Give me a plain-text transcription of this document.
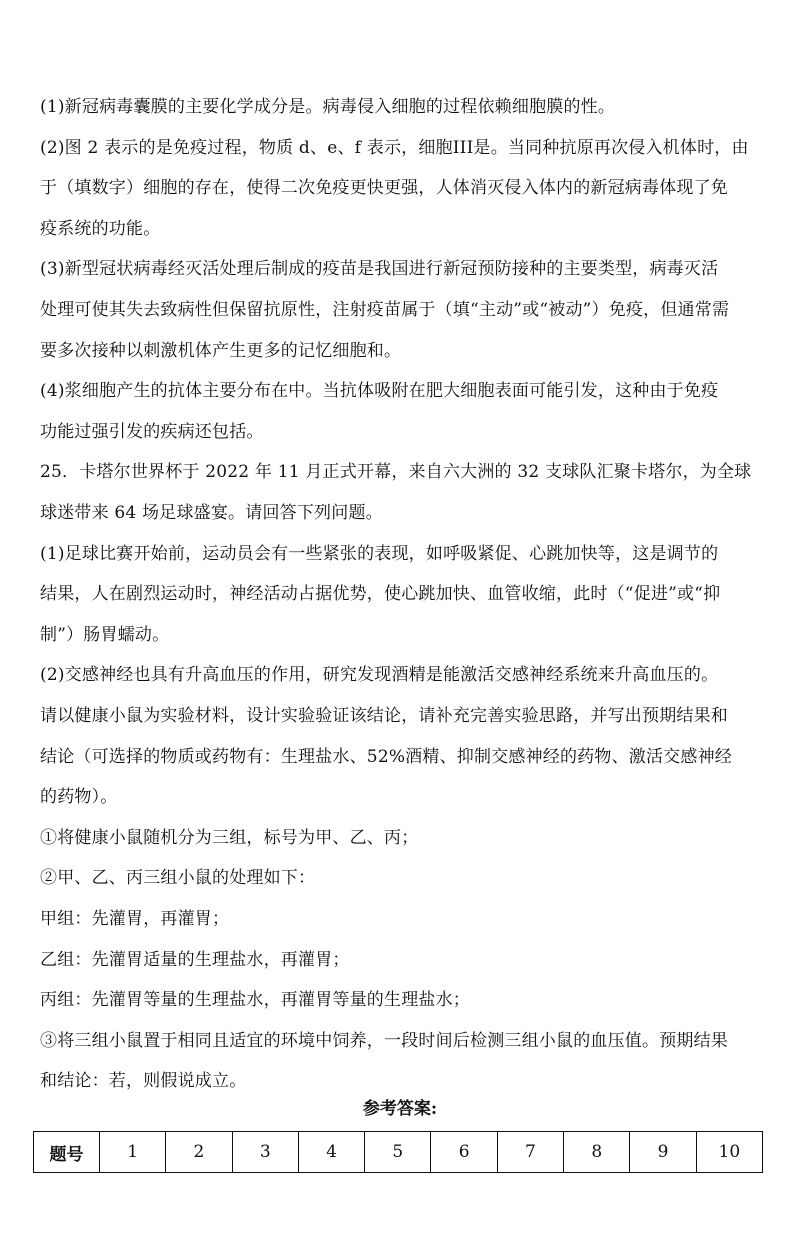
(1)新冠病毒囊膜的主要化学成分是。病毒侵入细胞的过程依赖细胞膜的性。
(2)图 2 表示的是免疫过程，物质 d、e、f 表示，细胞III是。当同种抗原再次侵入机体时，由
于（填数字）细胞的存在，使得二次免疫更快更强，人体消灭侵入体内的新冠病毒体现了免
疫系统的功能。
(3)新型冠状病毒经灭活处理后制成的疫苗是我国进行新冠预防接种的主要类型，病毒灭活
处理可使其失去致病性但保留抗原性，注射疫苗属于（填“主动”或“被动”）免疫，但通常需
要多次接种以刺激机体产生更多的记忆细胞和。
(4)浆细胞产生的抗体主要分布在中。当抗体吸附在肥大细胞表面可能引发，这种由于免疫
功能过强引发的疾病还包括。
25．卡塔尔世界杯于 2022 年 11 月正式开幕，来自六大洲的 32 支球队汇聚卡塔尔，为全球
球迷带来 64 场足球盛宴。请回答下列问题。
(1)足球比赛开始前，运动员会有一些紧张的表现，如呼吸紧促、心跳加快等，这是调节的
结果，人在剧烈运动时，神经活动占据优势，使心跳加快、血管收缩，此时（“促进”或“抑
制”）肠胃蠕动。
(2)交感神经也具有升高血压的作用，研究发现酒精是能激活交感神经系统来升高血压的。
请以健康小鼠为实验材料，设计实验验证该结论，请补充完善实验思路，并写出预期结果和
结论（可选择的物质或药物有：生理盐水、52%酒精、抑制交感神经的药物、激活交感神经
的药物）。
①将健康小鼠随机分为三组，标号为甲、乙、丙；
②甲、乙、丙三组小鼠的处理如下：
甲组：先灌胃，再灌胃；
乙组：先灌胃适量的生理盐水，再灌胃；
丙组：先灌胃等量的生理盐水，再灌胃等量的生理盐水；
③将三组小鼠置于相同且适宜的环境中饲养，一段时间后检测三组小鼠的血压值。预期结果
和结论：若，则假说成立。
参考答案:
题号	1	2	3	4	5	6	7	8	9	10
